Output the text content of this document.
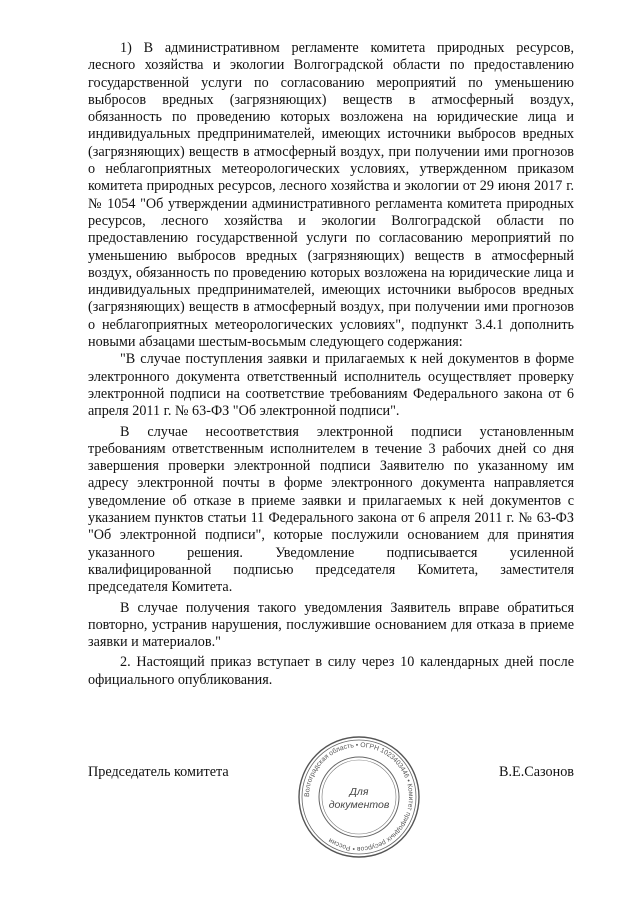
1) В административном регламенте комитета природных ресурсов, лесного хозяйства и экологии Волгоградской области по предоставлению государственной услуги по согласованию мероприятий по уменьшению выбросов вредных (загрязняющих) веществ в атмосферный воздух, обязанность по проведению которых возложена на юридические лица и индивидуальных предпринимателей, имеющих источники выбросов вредных (загрязняющих) веществ в атмосферный воздух, при получении ими прогнозов о неблагоприятных метеорологических условиях, утвержденном приказом комитета природных ресурсов, лесного хозяйства и экологии от 29 июня 2017 г. № 1054 "Об утверждении административного регламента комитета природных ресурсов, лесного хозяйства и экологии Волгоградской области по предоставлению государственной услуги по согласованию мероприятий по уменьшению выбросов вредных (загрязняющих) веществ в атмосферный воздух, обязанность по проведению которых возложена на юридические лица и индивидуальных предпринимателей, имеющих источники выбросов вредных (загрязняющих) веществ в атмосферный воздух, при получении ими прогнозов о неблагоприятных метеорологических условиях", подпункт 3.4.1 дополнить новыми абзацами шестым-восьмым следующего содержания:

"В случае поступления заявки и прилагаемых к ней документов в форме электронного документа ответственный исполнитель осуществляет проверку электронной подписи на соответствие требованиям Федерального закона от 6 апреля 2011 г. № 63-ФЗ "Об электронной подписи".

В случае несоответствия электронной подписи установленным требованиям ответственным исполнителем в течение 3 рабочих дней со дня завершения проверки электронной подписи Заявителю по указанному им адресу электронной почты в форме электронного документа направляется уведомление об отказе в приеме заявки и прилагаемых к ней документов с указанием пунктов статьи 11 Федерального закона от 6 апреля 2011 г. № 63-ФЗ "Об электронной подписи", которые послужили основанием для принятия указанного решения. Уведомление подписывается усиленной квалифицированной подписью председателя Комитета, заместителя председателя Комитета.

В случае получения такого уведомления Заявитель вправе обратиться повторно, устранив нарушения, послужившие основанием для отказа в приеме заявки и материалов."

2. Настоящий приказ вступает в силу через 10 календарных дней после официального опубликования.

Председатель комитета	В.Е.Сазонов
Волгоградская область • ОГРН 1023403446 • Комитет природных ресурсов • Россия
Для
документов
